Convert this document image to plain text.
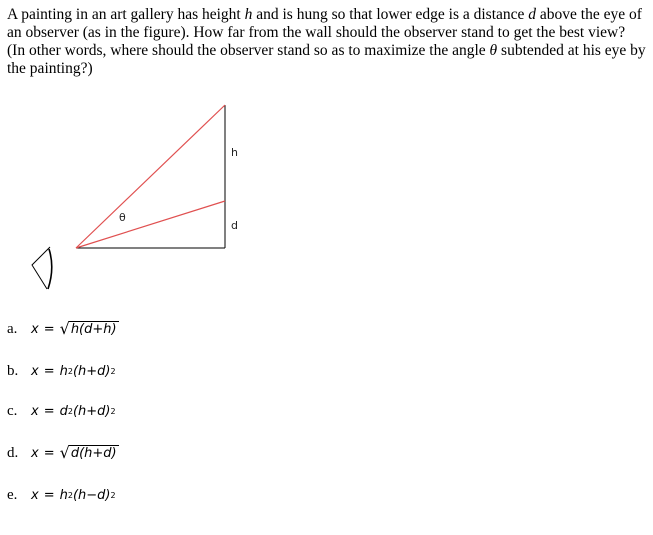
A painting in an art gallery has height h and is hung so that lower edge is a distance d above the eye of an observer (as in the figure). How far from the wall should the observer stand to get the best view? (In other words, where should the observer stand so as to maximize the angle θ subtended at his eye by the painting?)
h
d
θ
a.	x = √ h(d+h)
b. x = h 2 (h+d) 2
c.	x = d 2 (h+d) 2
d. x = √ d(h+d)
e.	x = h 2 (h−d) 2
